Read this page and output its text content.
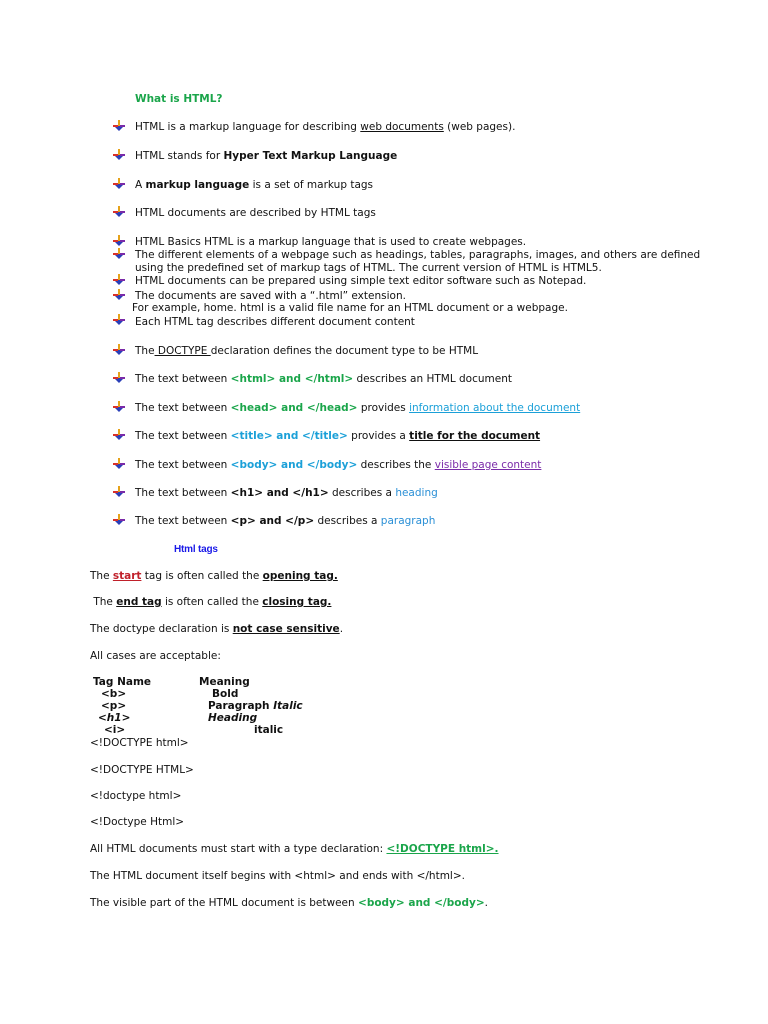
What is HTML?
HTML is a markup language for describing web documents (web pages).
HTML stands for Hyper Text Markup Language
A markup language is a set of markup tags
HTML documents are described by HTML tags
HTML Basics HTML is a markup language that is used to create webpages.
The different elements of a webpage such as headings, tables, paragraphs, images, and others are defined
using the predefined set of markup tags of HTML. The current version of HTML is HTML5.
HTML documents can be prepared using simple text editor software such as Notepad.
The documents are saved with a “.html” extension.
For example, home. html is a valid file name for an HTML document or a webpage.
Each HTML tag describes different document content
The DOCTYPE declaration defines the document type to be HTML
The text between <html> and </html> describes an HTML document
The text between <head> and </head> provides information about the document
The text between <title> and </title> provides a title for the document
The text between <body> and </body> describes the visible page content
The text between <h1> and </h1> describes a heading
The text between <p> and </p> describes a paragraph
Html tags
The start tag is often called the opening tag.
The end tag is often called the closing tag.
The doctype declaration is not case sensitive.
All cases are acceptable:
Tag Name	Meaning
<b>	Bold
<p>	Paragraph Italic
<h1>	Heading
<i>	italic
<!DOCTYPE html>
<!DOCTYPE HTML>
<!doctype html>
<!Doctype Html>
All HTML documents must start with a type declaration: <!DOCTYPE html>.
The HTML document itself begins with <html> and ends with </html>.
The visible part of the HTML document is between <body> and </body>.
